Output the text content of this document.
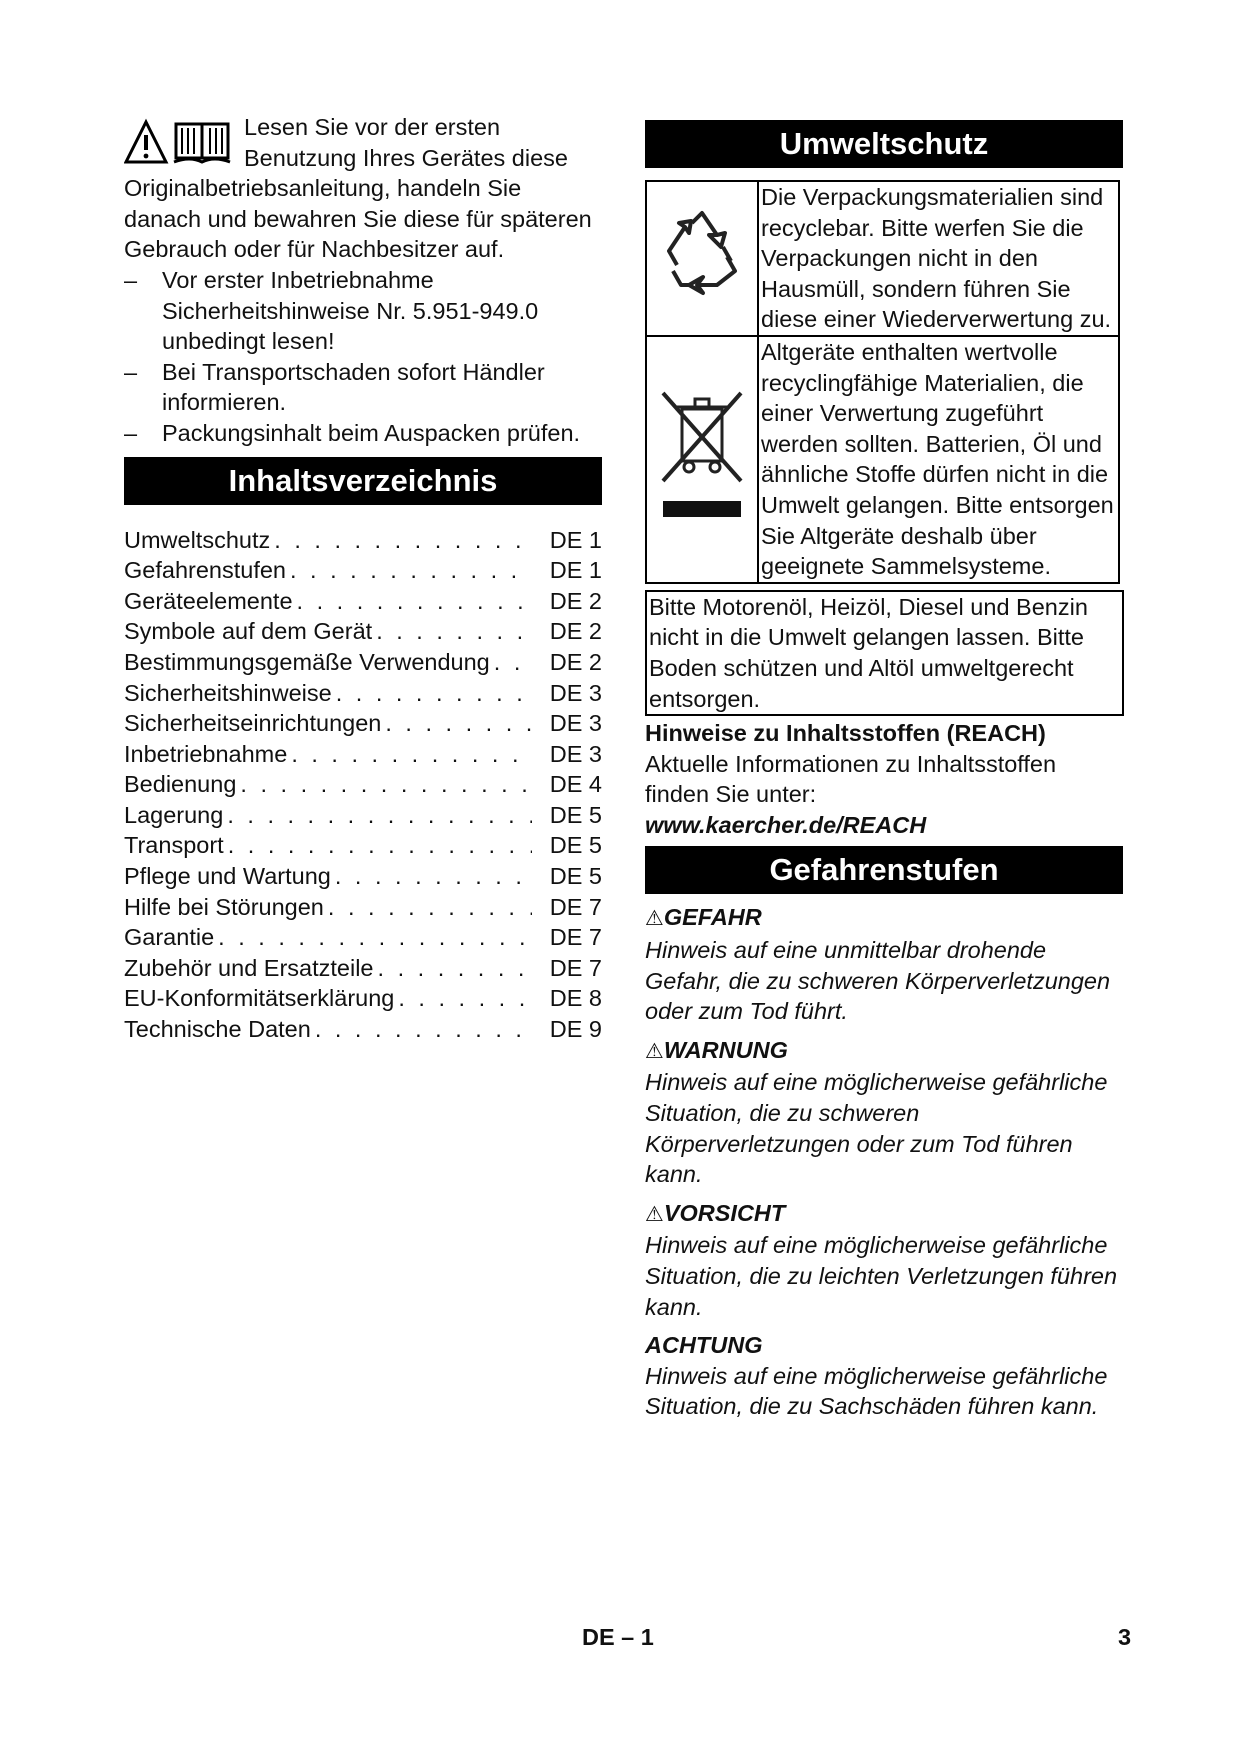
Lesen Sie vor der ersten Benutzung Ihres Gerätes diese Originalbetriebsanleitung, handeln Sie danach und bewahren Sie diese für späteren Gebrauch oder für Nachbesitzer auf.

– Vor erster Inbetriebnahme Sicherheitshinweise Nr. 5.951-949.0 unbedingt lesen!

– Bei Transportschaden sofort Händler informieren.

– Packungsinhalt beim Auspacken prüfen.

Inhaltsverzeichnis
Umweltschutz . . .	DE 1
Gefahrenstufen . . .	DE 1
Geräteelemente . . .	DE 2
Symbole auf dem Gerät . . .	DE 2
Bestimmungsgemäße Verwendung . . .	DE 2
Sicherheitshinweise . . .	DE 3
Sicherheitseinrichtungen . . .	DE 3
Inbetriebnahme . . .	DE 3
Bedienung . . .	DE 4
Lagerung . . .	DE 5
Transport . . .	DE 5
Pflege und Wartung . . .	DE 5
Hilfe bei Störungen . . .	DE 7
Garantie . . .	DE 7
Zubehör und Ersatzteile . . .	DE 7
EU-Konformitätserklärung . . .	DE 8
Technische Daten . . .	DE 9
Umweltschutz
	Die Verpackungsmaterialien sind recyclebar. Bitte werfen Sie die Verpackungen nicht in den Hausmüll, sondern führen Sie diese einer Wiederverwertung zu.
	Altgeräte enthalten wertvolle recyclingfähige Materialien, die einer Verwertung zugeführt werden sollten. Batterien, Öl und ähnliche Stoffe dürfen nicht in die Umwelt gelangen. Bitte entsorgen Sie Altgeräte deshalb über geeignete Sammelsysteme.
Bitte Motorenöl, Heizöl, Diesel und Benzin nicht in die Umwelt gelangen lassen. Bitte Boden schützen und Altöl umweltgerecht entsorgen.
Hinweise zu Inhaltsstoffen (REACH)
Aktuelle Informationen zu Inhaltsstoffen finden Sie unter:
www.kaercher.de/REACH
Gefahrenstufen
⚠GEFAHR
Hinweis auf eine unmittelbar drohende Gefahr, die zu schweren Körperverletzungen oder zum Tod führt.
⚠WARNUNG
Hinweis auf eine möglicherweise gefährliche Situation, die zu schweren Körperverletzungen oder zum Tod führen kann.
⚠VORSICHT
Hinweis auf eine möglicherweise gefährliche Situation, die zu leichten Verletzungen führen kann.
ACHTUNG
Hinweis auf eine möglicherweise gefährliche Situation, die zu Sachschäden führen kann.
DE – 1	3
